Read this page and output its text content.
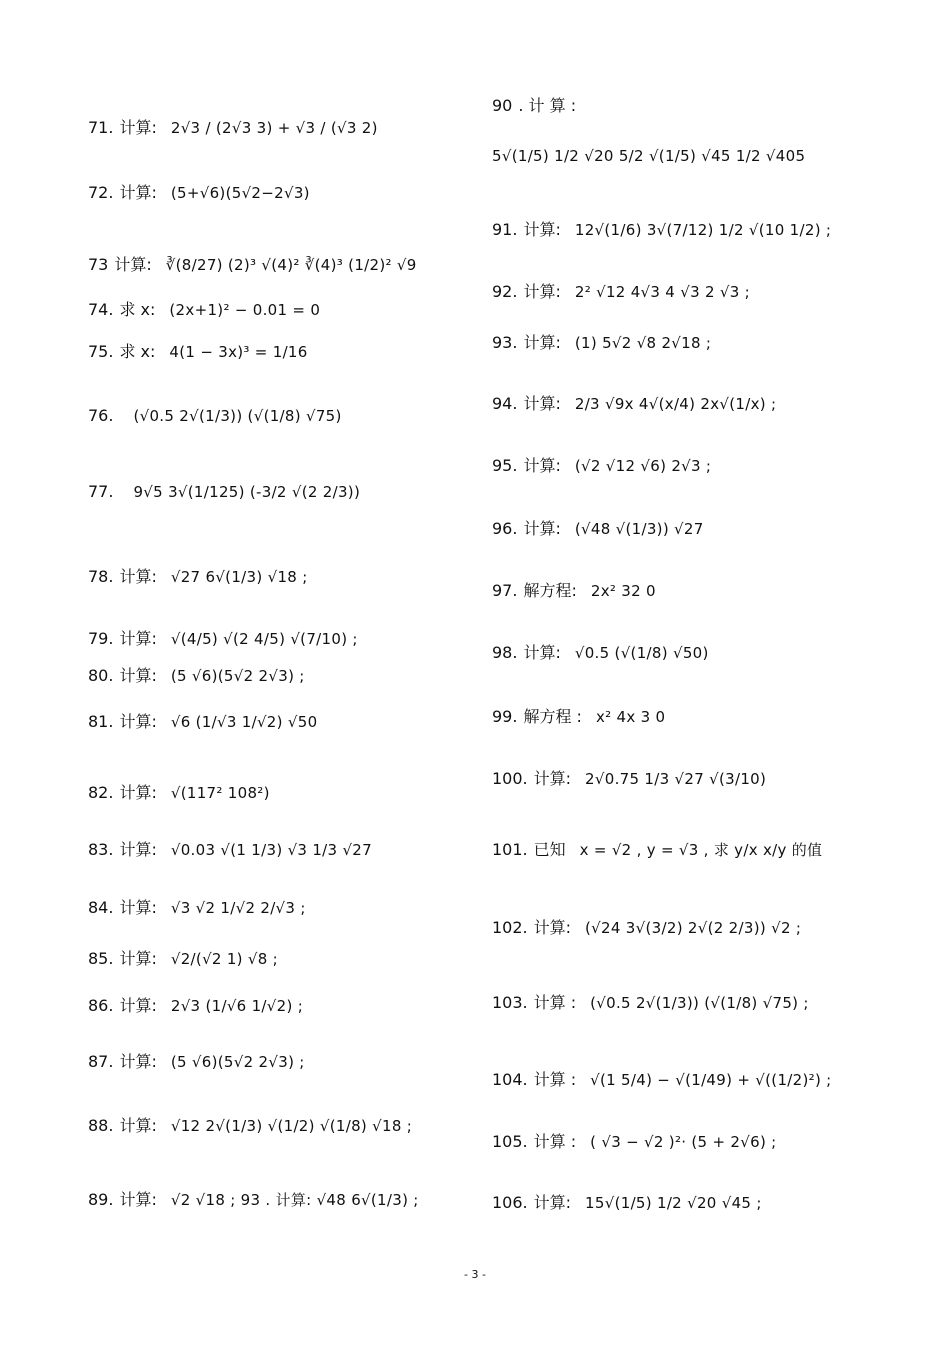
71. 计算: 2√3 / (2√3 3) + √3 / (√3 2)
72. 计算: (5+√6)(5√2−2√3)
73 计算: ∛(8/27) (2)³ √(4)² ∛(4)³ (1/2)² √9
74. 求 x: (2x+1)² − 0.01 = 0
75. 求 x: 4(1 − 3x)³ = 1/16
76. (√0.5 2√(1/3)) (√(1/8) √75)
77. 9√5 3√(1/125) (-3/2 √(2 2/3))
78. 计算: √27 6√(1/3) √18 ;
79. 计算: √(4/5) √(2 4/5) √(7/10) ;
80. 计算: (5 √6)(5√2 2√3) ;
81. 计算: √6 (1/√3 1/√2) √50
82. 计算: √(117² 108²)
83. 计算: √0.03 √(1 1/3) √3 1/3 √27
84. 计算: √3 √2 1/√2 2/√3 ;
85. 计算: √2/(√2 1) √8 ;
86. 计算: 2√3 (1/√6 1/√2) ;
87. 计算: (5 √6)(5√2 2√3) ;
88. 计算: √12 2√(1/3) √(1/2) √(1/8) √18 ;
89. 计算: √2 √18 ; 93 . 计算: √48 6√(1/3) ;
90 . 计 算 :
5√(1/5) 1/2 √20 5/2 √(1/5) √45 1/2 √405
91. 计算: 12√(1/6) 3√(7/12) 1/2 √(10 1/2) ;
92. 计算: 2² √12 4√3 4 √3 2 √3 ;
93. 计算: (1) 5√2 √8 2√18 ;
94. 计算: 2/3 √9x 4√(x/4) 2x√(1/x) ;
95. 计算: (√2 √12 √6) 2√3 ;
96. 计算: (√48 √(1/3)) √27
97. 解方程: 2x² 32 0
98. 计算: √0.5 (√(1/8) √50)
99. 解方程 : x² 4x 3 0
100. 计算: 2√0.75 1/3 √27 √(3/10)
101. 已知 x = √2 , y = √3 , 求 y/x x/y 的值
102. 计算: (√24 3√(3/2) 2√(2 2/3)) √2 ;
103. 计算 : (√0.5 2√(1/3)) (√(1/8) √75) ;
104. 计算 : √(1 5/4) − √(1/49) + √((1/2)²) ;
105. 计算 : ( √3 − √2 )²· (5 + 2√6) ;
106. 计算: 15√(1/5) 1/2 √20 √45 ;
- 3 -
